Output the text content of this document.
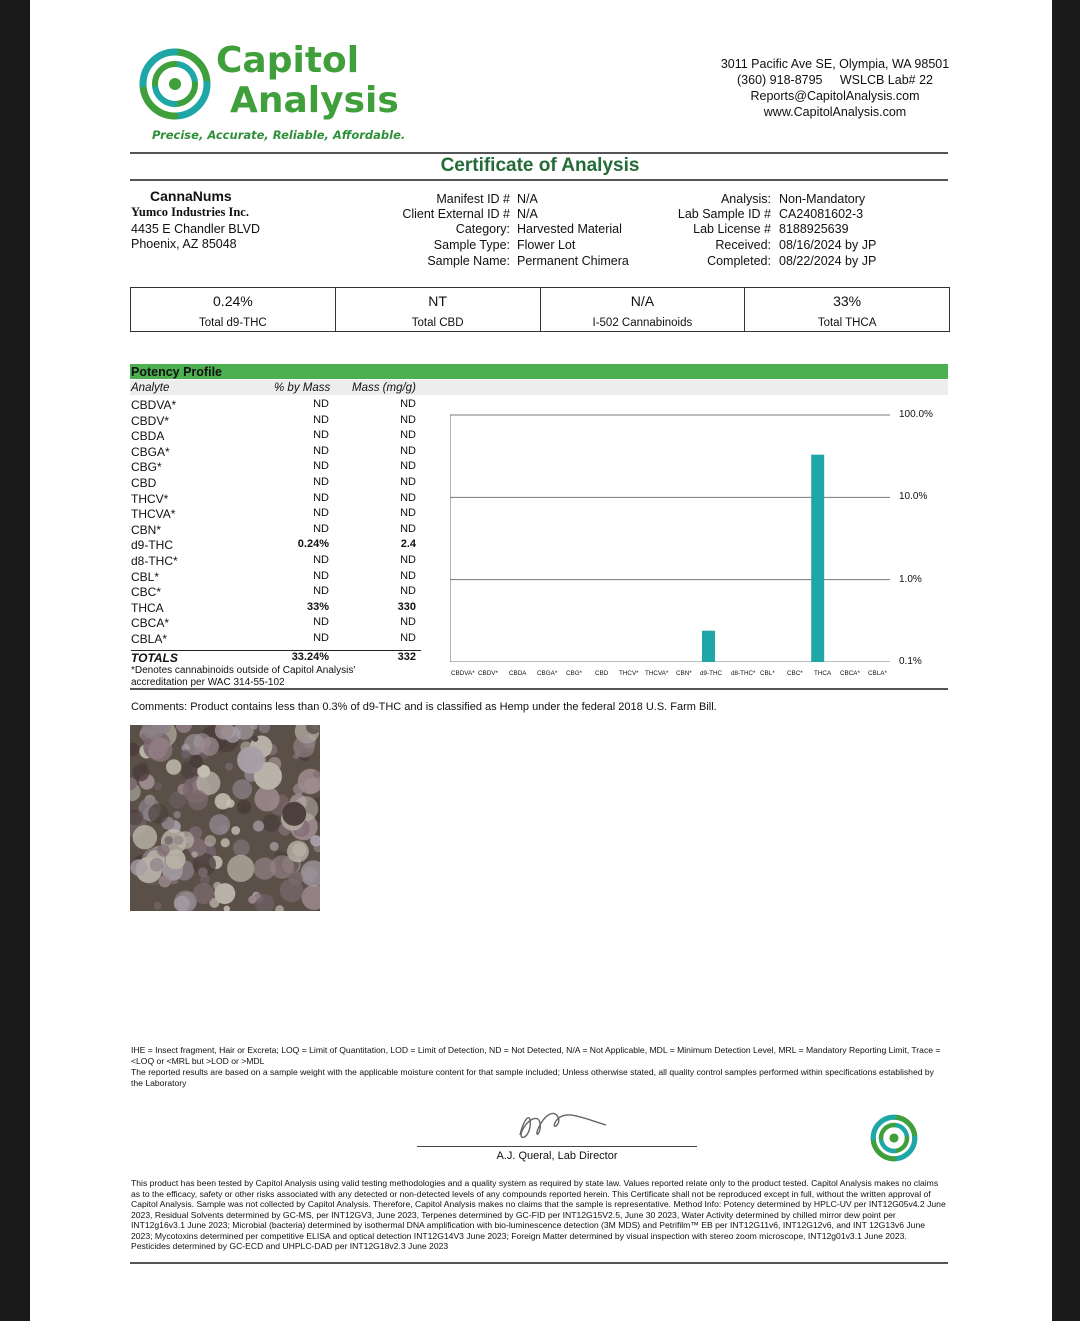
Capitol
Analysis
Precise, Accurate, Reliable, Affordable.
3011 Pacific Ave SE, Olympia, WA 98501
(360) 918-8795     WSLCB Lab# 22
Reports@CapitolAnalysis.com
www.CapitolAnalysis.com
Certificate of Analysis
CannaNums
Yumco Industries Inc.
4435 E Chandler BLVD
Phoenix, AZ 85048
Manifest ID # N/A
Client External ID # N/A
Category: Harvested Material
Sample Type: Flower Lot
Sample Name: Permanent Chimera
Analysis: Non-Mandatory
Lab Sample ID # CA24081602-3
Lab License # 8188925639
Received: 08/16/2024 by JP
Completed: 08/22/2024 by JP
0.24%
Total d9-THC
NT
Total CBD
N/A
I-502 Cannabinoids
33%
Total THCA
Potency Profile
Analyte	% by Mass Mass (mg/g)
CBDVA*	ND	ND
CBDV*	ND	ND
CBDA	ND	ND
CBGA*	ND	ND
CBG*	ND	ND
CBD	ND	ND
THCV*	ND	ND
THCVA*	ND	ND
CBN*	ND	ND
d9-THC	0.24%	2.4
d8-THC*	ND	ND
CBL*	ND	ND
CBC*	ND	ND
THCA	33%	330
CBCA*	ND	ND
CBLA*	ND	ND
TOTALS	33.24%	332
*Denotes cannabinoids outside of Capitol Analysis'
accreditation per WAC 314-55-102
Comments: Product contains less than 0.3% of d9-THC and is classified as Hemp under the federal 2018 U.S. Farm Bill.
IHE = Insect fragment, Hair or Excreta; LOQ = Limit of Quantitation, LOD = Limit of Detection, ND = Not Detected, N/A = Not Applicable, MDL = Minimum Detection Level, MRL = Mandatory Reporting Limit, Trace = <LOQ or <MRL but >LOD or >MDL
The reported results are based on a sample weight with the applicable moisture content for that sample included; Unless otherwise stated, all quality control samples performed within specifications established by the Laboratory
A.J. Queral, Lab Director
This product has been tested by Capitol Analysis using valid testing methodologies and a quality system as required by state law. Values reported relate only to the product tested. Capitol Analysis makes no claims as to the efficacy, safety or other risks associated with any detected or non-detected levels of any compounds reported herein. This Certificate shall not be reproduced except in full, without the written approval of Capitol Analysis. Sample was not collected by Capitol Analysis. Therefore, Capitol Analysis makes no claims that the sample is representative. Method Info: Potency determined by HPLC-UV per INT12G05v4.2 June 2023, Residual Solvents determined by GC-MS, per INT12GV3, June 2023, Terpenes determined by GC-FID per INT12G15V2.5, June 30 2023, Water Activity determined by chilled mirror dew point per INT12g16v3.1 June 2023; Microbial (bacteria) determined by isothermal DNA amplification with bio-luminescence detection (3M MDS) and Petrifilm™ EB per INT12G11v6, INT12G12v6, and INT 12G13v6 June 2023; Mycotoxins determined per competitive ELISA and optical detection INT12G14V3 June 2023; Foreign Matter determined by visual inspection with stereo zoom microscope, INT12g01v3.1 June 2023. Pesticides determined by GC-ECD and UHPLC-DAD per INT12G18v2.3 June 2023
100.0%
10.0%
1.0%
0.1%
CBDVA* CBDV* CBDA CBGA* CBG* CBD THCV* THCVA* CBN* d9-THC d8-THC* CBL* CBC* THCA CBCA* CBLA*
